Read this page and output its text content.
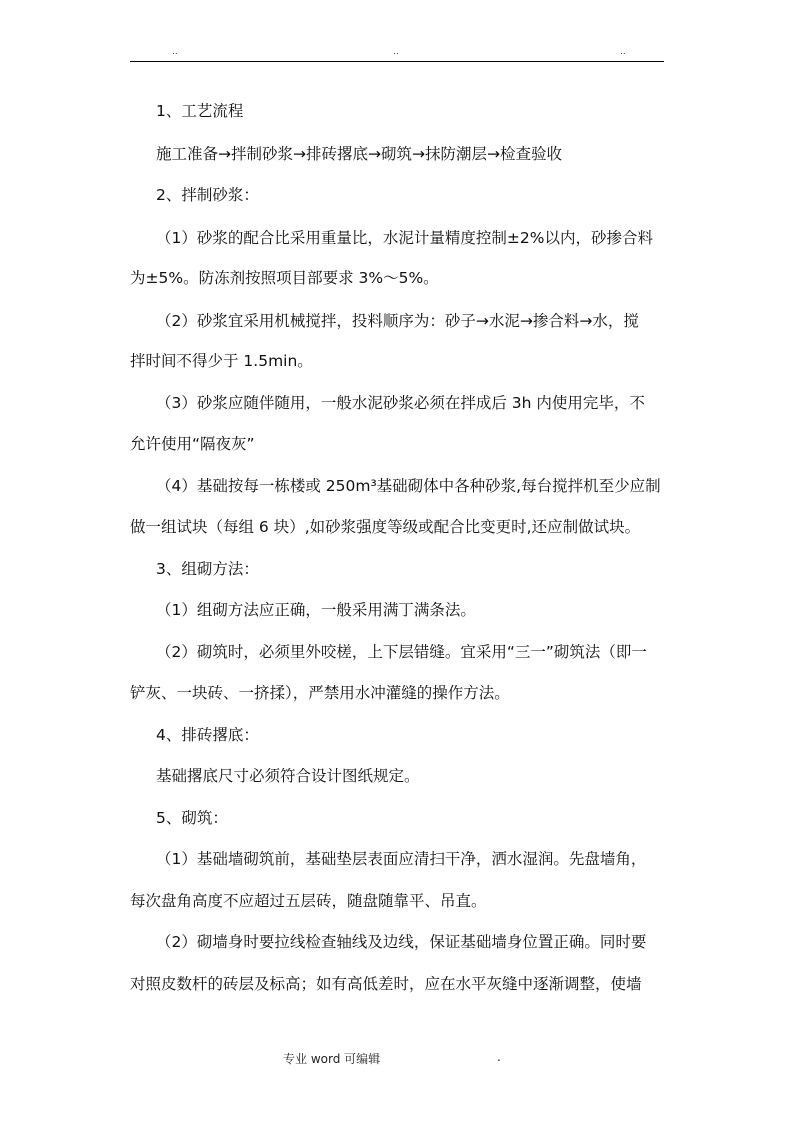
..	..	..
1、工艺流程
施工准备→拌制砂浆→排砖撂底→砌筑→抹防潮层→检查验收
2、拌制砂浆：
（1）砂浆的配合比采用重量比，水泥计量精度控制±2%以内，砂掺合料
为±5%。防冻剂按照项目部要求 3%～5%。
（2）砂浆宜采用机械搅拌，投料顺序为：砂子→水泥→掺合料→水，搅
拌时间不得少于 1.5min。
（3）砂浆应随伴随用，一般水泥砂浆必须在拌成后 3h 内使用完毕，不
允许使用“隔夜灰”
（4）基础按每一栋楼或 250m³基础砌体中各种砂浆,每台搅拌机至少应制
做一组试块（每组 6 块）,如砂浆强度等级或配合比变更时,还应制做试块。
3、组砌方法：
（1）组砌方法应正确，一般采用满丁满条法。
（2）砌筑时，必须里外咬槎，上下层错缝。宜采用“三一”砌筑法（即一
铲灰、一块砖、一挤揉），严禁用水冲灌缝的操作方法。
4、排砖撂底：
基础撂底尺寸必须符合设计图纸规定。
5、砌筑：
（1）基础墙砌筑前，基础垫层表面应清扫干净，洒水湿润。先盘墙角，
每次盘角高度不应超过五层砖，随盘随靠平、吊直。
（2）砌墙身时要拉线检查轴线及边线，保证基础墙身位置正确。同时要
对照皮数杆的砖层及标高；如有高低差时，应在水平灰缝中逐渐调整，使墙
专业 word 可编辑	.
